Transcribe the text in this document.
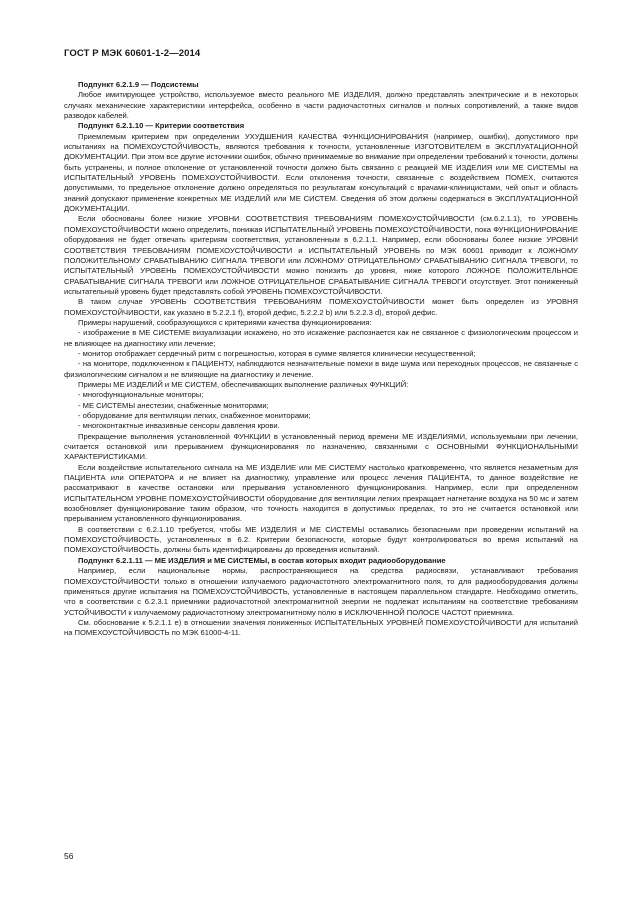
ГОСТ Р МЭК 60601-1-2—2014

Подпункт 6.2.1.9 — Подсистемы

Любое имитирующее устройство, используемое вместо реального МЕ ИЗДЕЛИЯ, должно представлять электрические и в некоторых случаях механические характеристики интерфейса, особенно в части радиочастотных сигналов и полных сопротивлений, а также видов разводок кабелей.

Подпункт 6.2.1.10 — Критерии соответствия

Приемлемым критерием при определении УХУДШЕНИЯ КАЧЕСТВА ФУНКЦИОНИРОВАНИЯ (например, ошибки), допустимого при испытаниях на ПОМЕХОУСТОЙЧИВОСТЬ, являются требования к точности, установленные ИЗГОТОВИТЕЛЕМ в ЭКСПЛУАТАЦИОННОЙ ДОКУМЕНТАЦИИ. При этом все другие источники ошибок, обычно принимаемые во внимание при определении требований к точности, должны быть устранены, и полное отклонение от установленной точности должно быть связанно с реакцией МЕ ИЗДЕЛИЯ или МЕ СИСТЕМЫ на ИСПЫТАТЕЛЬНЫЙ УРОВЕНЬ ПОМЕХОУСТОЙЧИВОСТИ. Если отклонения точности, связанные с воздействием ПОМЕХ, считаются допустимыми, то предельное отклонение должно определяться по результатам консультаций с врачами-клиницистами, чей опыт и область знаний допускают применение конкретных МЕ ИЗДЕЛИЙ или МЕ СИСТЕМ. Сведения об этом должны содержаться в ЭКСПЛУАТАЦИОННОЙ ДОКУМЕНТАЦИИ.

Если обоснованы более низкие УРОВНИ СООТВЕТСТВИЯ ТРЕБОВАНИЯМ ПОМЕХОУСТОЙЧИВОСТИ (см.6.2.1.1), то УРОВЕНЬ ПОМЕХОУСТОЙЧИВОСТИ можно определить, понижая ИСПЫТАТЕЛЬНЫЙ УРОВЕНЬ ПОМЕХОУСТОЙЧИВОСТИ, пока ФУНКЦИОНИРОВАНИЕ оборудования не будет отвечать критериям соответствия, установленным в 6.2.1.1. Например, если обоснованы более низкие УРОВНИ СООТВЕТСТВИЯ ТРЕБОВАНИЯМ ПОМЕХОУСТОЙЧИВОСТИ и ИСПЫТАТЕЛЬНЫЙ УРОВЕНЬ по МЭК 60601 приводит к ЛОЖНОМУ ПОЛОЖИТЕЛЬНОМУ СРАБАТЫВАНИЮ СИГНАЛА ТРЕВОГИ или ЛОЖНОМУ ОТРИЦАТЕЛЬНОМУ СРАБАТЫВАНИЮ СИГНАЛА ТРЕВОГИ, то ИСПЫТАТЕЛЬНЫЙ УРОВЕНЬ ПОМЕХОУСТОЙЧИВОСТИ можно понизить до уровня, ниже которого ЛОЖНОЕ ПОЛОЖИТЕЛЬНОЕ СРАБАТЫВАНИЕ СИГНАЛА ТРЕВОГИ или ЛОЖНОЕ ОТРИЦАТЕЛЬНОЕ СРАБАТЫВАНИЕ СИГНАЛА ТРЕВОГИ отсутствует. Этот пониженный испытательный уровень будет представлять собой УРОВЕНЬ ПОМЕХОУСТОЙЧИВОСТИ.

В таком случае УРОВЕНЬ СООТВЕТСТВИЯ ТРЕБОВАНИЯМ ПОМЕХОУСТОЙЧИВОСТИ может быть определен из УРОВНЯ ПОМЕХОУСТОЙЧИВОСТИ, как указано в 5.2.2.1 f), второй дефис, 5.2.2.2 b) или 5.2.2.3 d), второй дефис.

Примеры нарушений, сообразующихся с критериями качества функционирования:

- изображение в МЕ СИСТЕМЕ визуализации искажено, но это искажение распознается как не связанное с физиологическим процессом и не влияющее на диагностику или лечение;

- монитор отображает сердечный ритм с погрешностью, которая в сумме является клинически несущественной;

- на мониторе, подключенном к ПАЦИЕНТУ, наблюдаются незначительные помехи в виде шума или переходных процессов, не связанные с физиологическим сигналом и не влияющие на диагностику и лечение.

Примеры МЕ ИЗДЕЛИЙ и МЕ СИСТЕМ, обеспечивающих выполнение различных ФУНКЦИЙ:

- многофункциональные мониторы;

- МЕ СИСТЕМЫ анестезии, снабженные мониторами;

- оборудование для вентиляции легких, снабженное мониторами;

- многоконтактные инвазивные сенсоры давления крови.

Прекращение выполнения установленной ФУНКЦИИ в установленный период времени МЕ ИЗДЕЛИЯМИ, используемыми при лечении, считается остановкой или прерыванием функционирования по назначению, связанными с ОСНОВНЫМИ ФУНКЦИОНАЛЬНЫМИ ХАРАКТЕРИСТИКАМИ.

Если воздействие испытательного сигнала на МЕ ИЗДЕЛИЕ или МЕ СИСТЕМУ настолько кратковременно, что является незаметным для ПАЦИЕНТА или ОПЕРАТОРА и не влияет на диагностику, управление или процесс лечения ПАЦИЕНТА, то данное воздействие не рассматривают в качестве остановки или прерывания установленного функционирования. Например, если при определенном ИСПЫТАТЕЛЬНОМ УРОВНЕ ПОМЕХОУСТОЙЧИВОСТИ оборудование для вентиляции легких прекращает нагнетание воздуха на 50 мс и затем возобновляет функционирование таким образом, что точность находится в допустимых пределах, то это не считается остановкой или прерыванием установленного функционирования.

В соответствии с 6.2.1.10 требуется, чтобы МЕ ИЗДЕЛИЯ и МЕ СИСТЕМЫ оставались безопасными при проведении испытаний на ПОМЕХОУСТОЙЧИВОСТЬ, установленных в 6.2. Критерии безопасности, которые будут контролироваться во время испытаний на ПОМЕХОУСТОЙЧИВОСТЬ, должны быть идентифицированы до проведения испытаний.

Подпункт 6.2.1.11 — МЕ ИЗДЕЛИЯ и МЕ СИСТЕМЫ, в состав которых входит радиооборудование

Например, если национальные нормы, распространяющиеся на средства радиосвязи, устанавливают требования ПОМЕХОУСТОЙЧИВОСТИ только в отношении излучаемого радиочастотного электромагнитного поля, то для радиооборудования должны применяться другие испытания на ПОМЕХОУСТОЙЧИВОСТЬ, установленные в настоящем параллельном стандарте. Необходимо отметить, что в соответствии с 6.2.3.1 приемники радиочастотной электромагнитной энергии не подлежат испытаниям на соответствие требованиям УСТОЙЧИВОСТИ к излучаемому радиочастотному электромагнитному полю в ИСКЛЮЧЕННОЙ ПОЛОСЕ ЧАСТОТ приемника.

См. обоснование к 5.2.1.1 е) в отношении значения пониженных ИСПЫТАТЕЛЬНЫХ УРОВНЕЙ ПОМЕХОУСТОЙЧИВОСТИ для испытаний на ПОМЕХОУСТОЙЧИВОСТЬ по МЭК 61000-4-11.

56
